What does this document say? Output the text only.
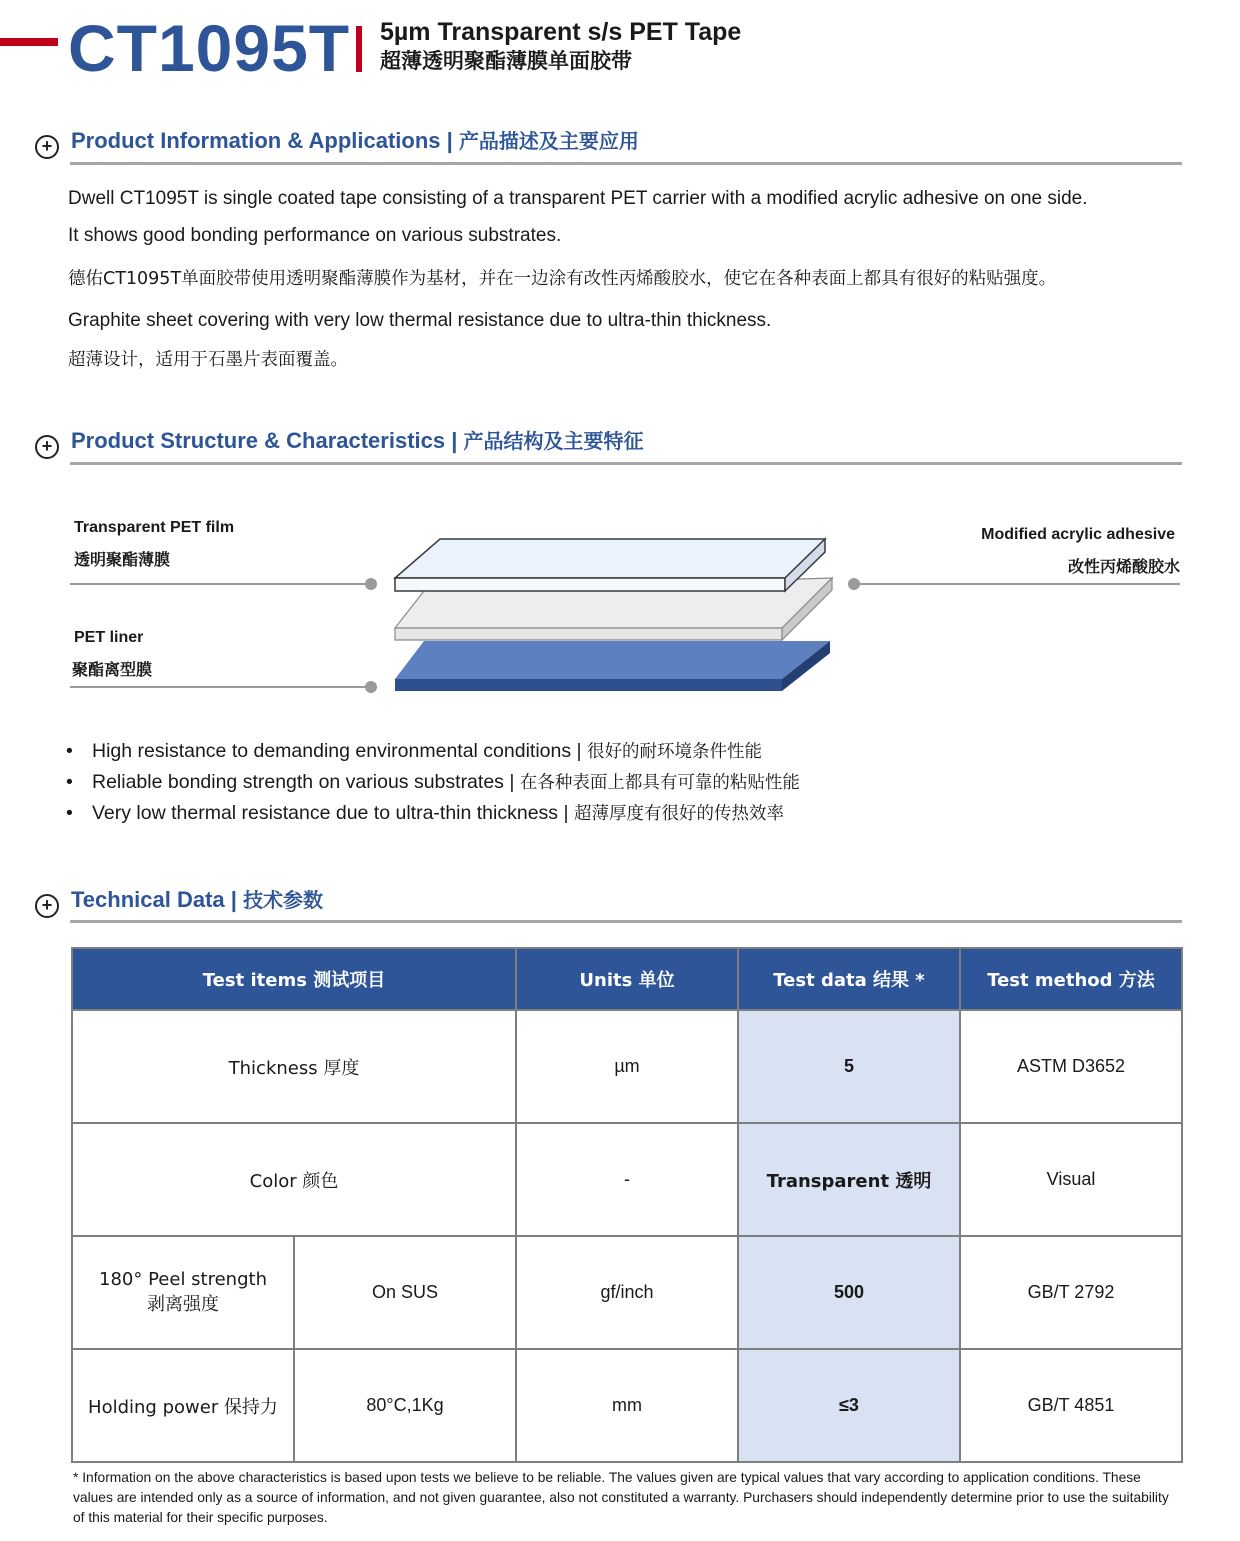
CT1095T 5µm Transparent s/s PET Tape
超薄透明聚酯薄膜单面胶带
+ Product Information & Applications | 产品描述及主要应用
Dwell CT1095T is single coated tape consisting of a transparent PET carrier with a modified acrylic adhesive on one side.
It shows good bonding performance on various substrates.
德佑CT1095T单面胶带使用透明聚酯薄膜作为基材，并在一边涂有改性丙烯酸胶水，使它在各种表面上都具有很好的粘贴强度。
Graphite sheet covering with very low thermal resistance due to ultra-thin thickness.
超薄设计，适用于石墨片表面覆盖。
+ Product Structure & Characteristics | 产品结构及主要特征
Transparent PET film
透明聚酯薄膜
PET liner
聚酯离型膜
Modified acrylic adhesive
改性丙烯酸胶水
• High resistance to demanding environmental conditions | 很好的耐环境条件性能
• Reliable bonding strength on various substrates | 在各种表面上都具有可靠的粘贴性能
• Very low thermal resistance due to ultra-thin thickness | 超薄厚度有很好的传热效率
+ Technical Data | 技术参数
Test items 测试项目		Units 单位	Test data 结果 *	Test method 方法
Thickness 厚度		µm	5	ASTM D3652
Color 颜色		-	Transparent 透明	Visual

180° Peel strength
剥离强度	On SUS	gf/inch	500	GB/T 2792
Holding power 保持力	80°C,1Kg	mm	≤3	GB/T 4851
* Information on the above characteristics is based upon tests we believe to be reliable. The values given are typical values that vary according to application conditions. These values are intended only as a source of information, and not given guarantee, also not constituted a warranty. Purchasers should independently determine prior to use the suitability of this material for their specific purposes.
